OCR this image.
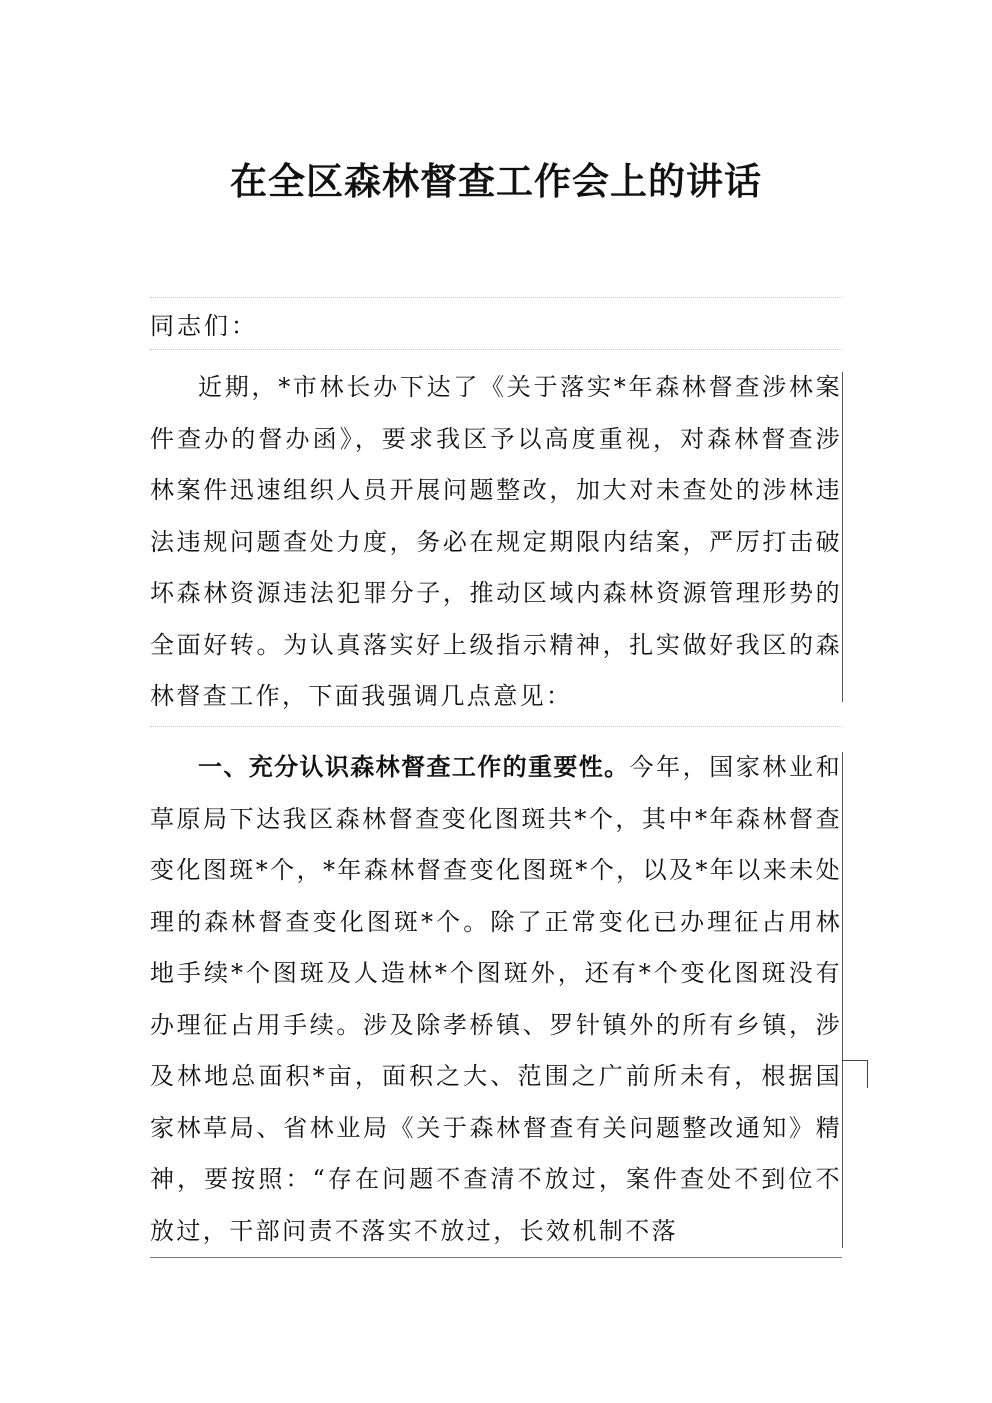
在全区森林督查工作会上的讲话
同志们：

近期，*市林长办下达了《关于落实*年森林督查涉林案件查办的督办函》，要求我区予以高度重视，对森林督查涉林案件迅速组织人员开展问题整改，加大对未查处的涉林违法违规问题查处力度，务必在规定期限内结案，严厉打击破坏森林资源违法犯罪分子，推动区域内森林资源管理形势的全面好转。为认真落实好上级指示精神，扎实做好我区的森林督查工作，下面我强调几点意见：

一、充分认识森林督查工作的重要性。今年，国家林业和草原局下达我区森林督查变化图斑共*个，其中*年森林督查变化图斑*个，*年森林督查变化图斑*个，以及*年以来未处理的森林督查变化图斑*个。除了正常变化已办理征占用林地手续*个图斑及人造林*个图斑外，还有*个变化图斑没有办理征占用手续。涉及除孝桥镇、罗针镇外的所有乡镇，涉及林地总面积*亩，面积之大、范围之广前所未有，根据国家林草局、省林业局《关于森林督查有关问题整改通知》精神，要按照：“存在问题不查清不放过，案件查处不到位不放过，干部问责不落实不放过，长效机制不落
